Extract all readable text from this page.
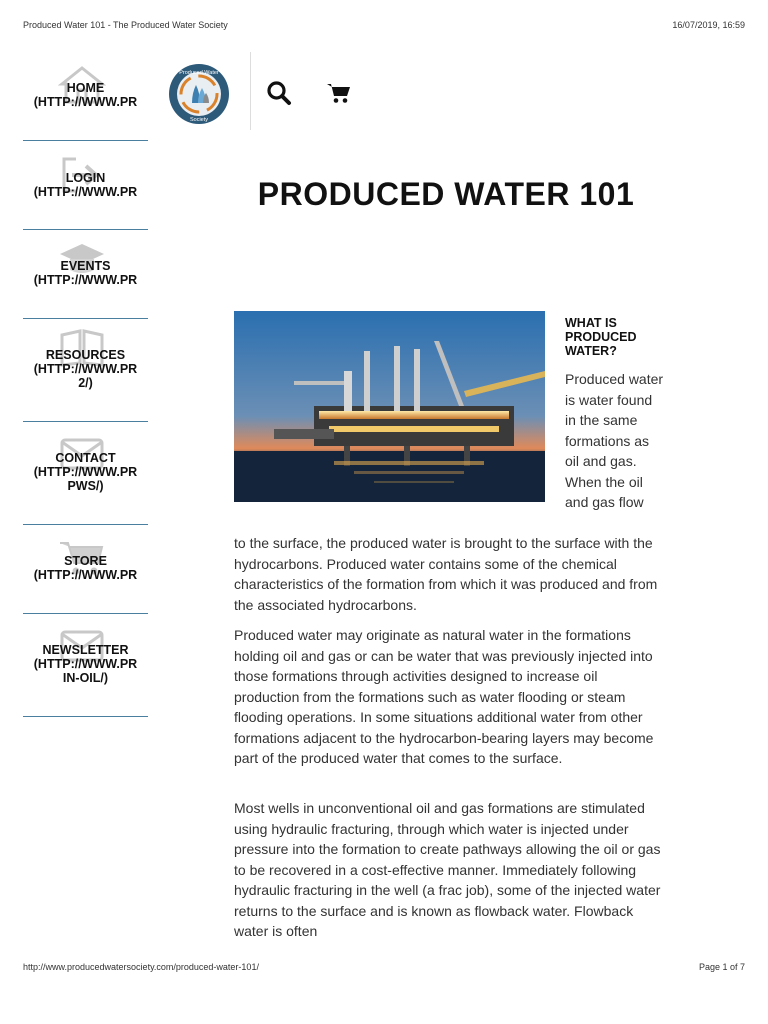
Produced Water 101 - The Produced Water Society	16/07/2019, 16:59
HOME
(HTTP://WWW.PR
LOGIN
(HTTP://WWW.PR
EVENTS
(HTTP://WWW.PR
RESOURCES
(HTTP://WWW.PR
2/)
CONTACT
(HTTP://WWW.PR
PWS/)
STORE
(HTTP://WWW.PR
NEWSLETTER
(HTTP://WWW.PR
IN-OIL/)
Produced Water
Society
PRODUCED WATER 101
WHAT IS PRODUCED WATER?
Produced water is water found in the same formations as oil and gas. When the oil and gas flow

to the surface, the produced water is brought to the surface with the hydrocarbons. Produced water contains some of the chemical characteristics of the formation from which it was produced and from the associated hydrocarbons.

Produced water may originate as natural water in the formations holding oil and gas or can be water that was previously injected into those formations through activities designed to increase oil production from the formations such as water flooding or steam flooding operations. In some situations additional water from other formations adjacent to the hydrocarbon-bearing layers may become part of the produced water that comes to the surface.

Most wells in unconventional oil and gas formations are stimulated using hydraulic fracturing, through which water is injected under pressure into the formation to create pathways allowing the oil or gas to be recovered in a cost-effective manner. Immediately following hydraulic fracturing in the well (a frac job), some of the injected water returns to the surface and is known as flowback water. Flowback water is often

http://www.producedwatersociety.com/produced-water-101/	Page 1 of 7
